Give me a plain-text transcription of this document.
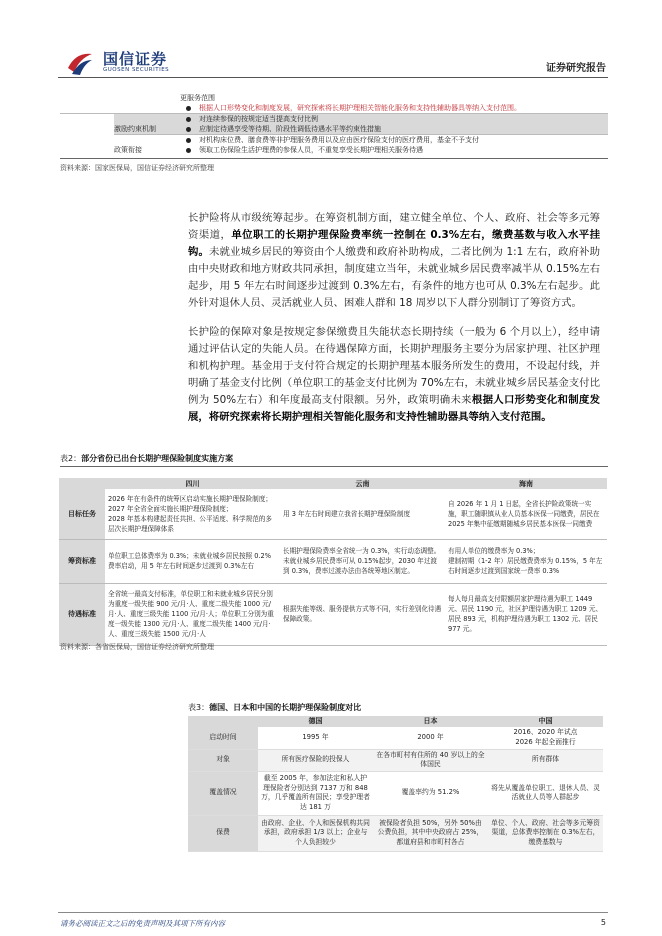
国信证券
GUOSEN SECURITIES	证券研究报告
更服务范围
根据人口形势变化和制度发展，研究探索将长期护理相关智能化服务和支持性辅助器具等纳入支付范围。
对连续参保的按规定适当提高支付比例
激励约束机制	应制定待遇享受等待期、阶段性调低待遇水平等约束性措施
对机构床位费、膳食费等非护理服务费用以及应由医疗保险支付的医疗费用，基金不予支付
政策衔接	领取工伤保险生活护理费的参保人员，不重复享受长期护理相关服务待遇
资料来源：国家医保局，国信证券经济研究所整理
长护险将从市级统筹起步。在筹资机制方面，建立健全单位、个人、政府、社会等多元筹资渠道，单位职工的长期护理保险费率统一控制在 0.3%左右，缴费基数与收入水平挂钩。未就业城乡居民的筹资由个人缴费和政府补助构成，二者比例为 1:1 左右，政府补助由中央财政和地方财政共同承担，制度建立当年，未就业城乡居民费率减半从 0.15%左右起步，用 5 年左右时间逐步过渡到 0.3%左右，有条件的地方也可从 0.3%左右起步。此外针对退休人员、灵活就业人员、困难人群和 18 周岁以下人群分别制订了筹资方式。
长护险的保障对象是按规定参保缴费且失能状态长期持续（一般为 6 个月以上），经申请通过评估认定的失能人员。在待遇保障方面，长期护理服务主要分为居家护理、社区护理和机构护理。基金用于支付符合规定的长期护理基本服务所发生的费用，不设起付线，并明确了基金支付比例（单位职工的基金支付比例为 70%左右，未就业城乡居民基金支付比例为 50%左右）和年度最高支付限额。另外，政策明确未来根据人口形势变化和制度发展，将研究探索将长期护理相关智能化服务和支持性辅助器具等纳入支付范围。
表2：部分省份已出台长期护理保险制度实施方案
	四川	云南	海南
目标任务	2026 年在有条件的统筹区启动实施长期护理保险制度；
2027 年全省全面实施长期护理保险制度；
2028 年基本构建起责任共担、公平适度、科学规范的多层次长期护理保障体系	用 3 年左右时间建立我省长期护理保险制度	自 2026 年 1 月 1 日起，全省长护险政策统一实施，职工随职镇从业人员基本医保一同缴费，居民在 2025 年集中征缴期随城乡居民基本医保一同缴费
筹资标准	单位职工总体费率为 0.3%；未就业城乡居民按照 0.2%费率启动，用 5 年左右时间逐步过渡到 0.3%左右	长期护理保险费率全省统一为 0.3%，实行动态调整。未就业城乡居民费率可从 0.15%起步，2030 年过渡到 0.3%，费率过渡办法由各统筹地区制定。	有用人单位的缴费率为 0.3%；
建制初期（1-2 年）居民缴费费率为 0.15%，5 年左右时间逐步过渡到国家统一费率 0.3%
待遇标准	全省统一最高支付标准，单位职工和未就业城乡居民分别为重度一级失能 900 元/月·人、重度二级失能 1000 元/月·人、重度三级失能 1100 元/月·人；单位职工分别为重度一级失能 1300 元/月·人、重度二级失能 1400 元/月·人、重度三级失能 1500 元/月·人	根据失能等级、服务提供方式等不同，实行差别化待遇保障政策。	每人每月最高支付限额居家护理待遇为职工 1449 元、居民 1190 元，社区护理待遇为职工 1209 元、居民 893 元，机构护理待遇为职工 1302 元、居民 977 元。
资料来源：各省医保局，国信证券经济研究所整理
表3：德国、日本和中国的长期护理保险制度对比
	德国	日本	中国
启动时间	1995 年	2000 年	2016、2020 年试点
2026 年起全面推行
对象	所有医疗保险的投保人	在各市町村有住所的 40 岁以上的全体国民	所有群体
覆盖情况	截至 2005 年，参加法定和私人护理保险者分别达到 7137 万和 848 万，几乎覆盖所有国民；享受护理者达 181 万	覆盖率约为 51.2%	将先从覆盖单位职工、退休人员、灵活就业人员等人群起步
保费	由政府、企业、个人和医保机构共同承担，政府承担 1/3 以上；企业与个人负担较少	被保险者负担 50%，另外 50%由公费负担，其中中央政府占 25%，都道府县和市町村各占	单位、个人、政府、社会等多元筹资渠道，总体费率控制在 0.3%左右，缴费基数与
请务必阅读正文之后的免责声明及其项下所有内容	5
